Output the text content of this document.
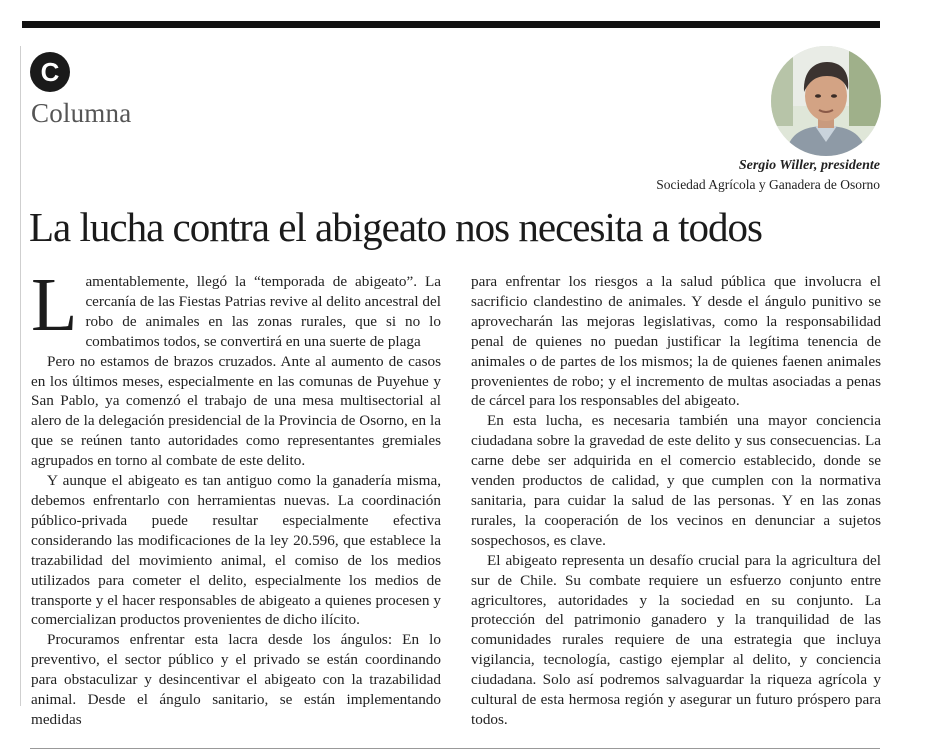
C
Columna
Sergio Willer, presidente
Sociedad Agrícola y Ganadera de Osorno
La lucha contra el abigeato nos necesita a todos

Lamentablemente, llegó la “temporada de abigeato”. La cercanía de las Fiestas Patrias revive al delito ancestral del robo de animales en las zonas rurales, que si no lo combatimos todos, se convertirá en una suerte de plaga

Pero no estamos de brazos cruzados. Ante al aumento de casos en los últimos meses, especialmente en las comunas de Puyehue y San Pablo, ya comenzó el trabajo de una mesa multisectorial al alero de la delegación presidencial de la Provincia de Osorno, en la que se reúnen tanto autoridades como representantes gremiales agrupados en torno al combate de este delito.

Y aunque el abigeato es tan antiguo como la ganadería misma, debemos enfrentarlo con herramientas nuevas. La coordinación público-privada puede resultar especialmente efectiva considerando las modificaciones de la ley 20.596, que establece la trazabilidad del movimiento animal, el comiso de los medios utilizados para cometer el delito, especialmente los medios de transporte y el hacer responsables de abigeato a quienes procesen y comercializan productos provenientes de dicho ilícito.

Procuramos enfrentar esta lacra desde los ángulos: En lo preventivo, el sector público y el privado se están coordinando para obstaculizar y desincentivar el abigeato con la trazabilidad animal. Desde el ángulo sanitario, se están implementando medidas

para enfrentar los riesgos a la salud pública que involucra el sacrificio clandestino de animales. Y desde el ángulo punitivo se aprovecharán las mejoras legislativas, como la responsabilidad penal de quienes no puedan justificar la legítima tenencia de animales o de partes de los mismos; la de quienes faenen animales provenientes de robo; y el incremento de multas asociadas a penas de cárcel para los responsables del abigeato.

En esta lucha, es necesaria también una mayor conciencia ciudadana sobre la gravedad de este delito y sus consecuencias. La carne debe ser adquirida en el comercio establecido, donde se venden productos de calidad, y que cumplen con la normativa sanitaria, para cuidar la salud de las personas. Y en las zonas rurales, la cooperación de los vecinos en denunciar a sujetos sospechosos, es clave.

El abigeato representa un desafío crucial para la agricultura del sur de Chile. Su combate requiere un esfuerzo conjunto entre agricultores, autoridades y la sociedad en su conjunto. La protección del patrimonio ganadero y la tranquilidad de las comunidades rurales requiere de una estrategia que incluya vigilancia, tecnología, castigo ejemplar al delito, y conciencia ciudadana. Solo así podremos salvaguardar la riqueza agrícola y cultural de esta hermosa región y asegurar un futuro próspero para todos.
